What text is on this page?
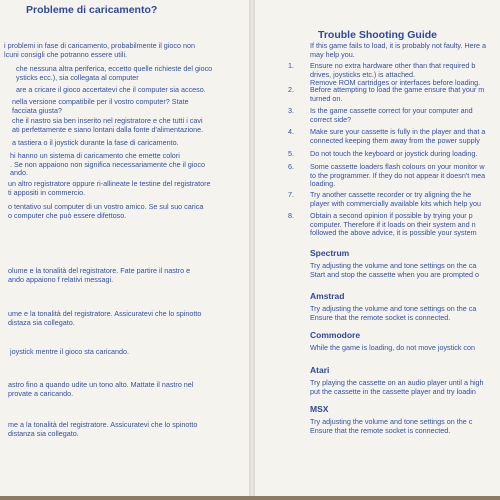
Probleme di caricamento?
i problemi in fase di caricamento, probabilmente il gioco non
lcuni consigli che potranno essere utili.
che nessuna altra periferica, eccetto quelle richieste del gioco
ysticks ecc.), sia collegata al computer
are a cricare il gioco accertatevi che il computer sia acceso.
nella versione compatibile per il vostro computer? State
facciata giusta?
che il nastro sia ben inserito nel registratore e che tutti i cavi
ati perfettamente e siano lontani dalla fonte d'alimentazione.
a tastiera o il joystick durante la fase di caricamento.
hi hanno un sistema di caricamento che emette colori
. Se non appaiono non significa necessariamente che il gioco
ando.
un altro registratore oppure ri-allineate le testine del registratore
ti appositi in commercio.
o tentativo sul computer di un vostro amico. Se sul suo carica
o computer che può essere difettoso.
olume e la tonalità del registratore. Fate partire il nastro e
ando appaiono f relativi messagi.
ume e la tonalità del registratore. Assicuratevi che lo spinotto
distaza sia collegato.
joystick mentre il gioco sta caricando.
astro fino a quando udite un tono alto. Mattate il nastro nel
provate a caricando.
me a la tonalità del registratore. Assicuratevi che lo spinotto
distanza sia collegato.
Trouble Shooting Guide
If this game fails to load, it is probably not faulty. Here a
may help you.
1. Ensure no extra hardware other than that required b
drives, joysticks etc.) is attached.
Remove ROM cartridges or interfaces before loading.
2. Before attempting to load the game ensure that your m
turned on.
3. Is the game cassette correct for your computer and
correct side?
4. Make sure your cassette is fully in the player and that a
connected keeping them away from the power supply
5. Do not touch the keyboard or joystick during loading.
6. Some cassette loaders flash colours on your monitor w
to the programmer. If they do not appear it doesn't mea
loading.
7. Try another cassette recorder or try aligning the he
player with commercially available kits which help you
8. Obtain a second opinion if possible by trying your p
computer. Therefore if it loads on their system and n
followed the above advice, it is possible your system
Spectrum
Try adjusting the volume and tone settings on the ca
Start and stop the cassette when you are prompted o
Amstrad
Try adjusting the volume and tone settings on the ca
Ensure that the remote socket is connected.
Commodore
While the game is loading, do not move joystick con
Atari
Try playing the cassette on an audio player until a high
put the cassette in the cassette player and try loadin
MSX
Try adjusting the volume and tone settings on the c
Ensure that the remote socket is connected.
